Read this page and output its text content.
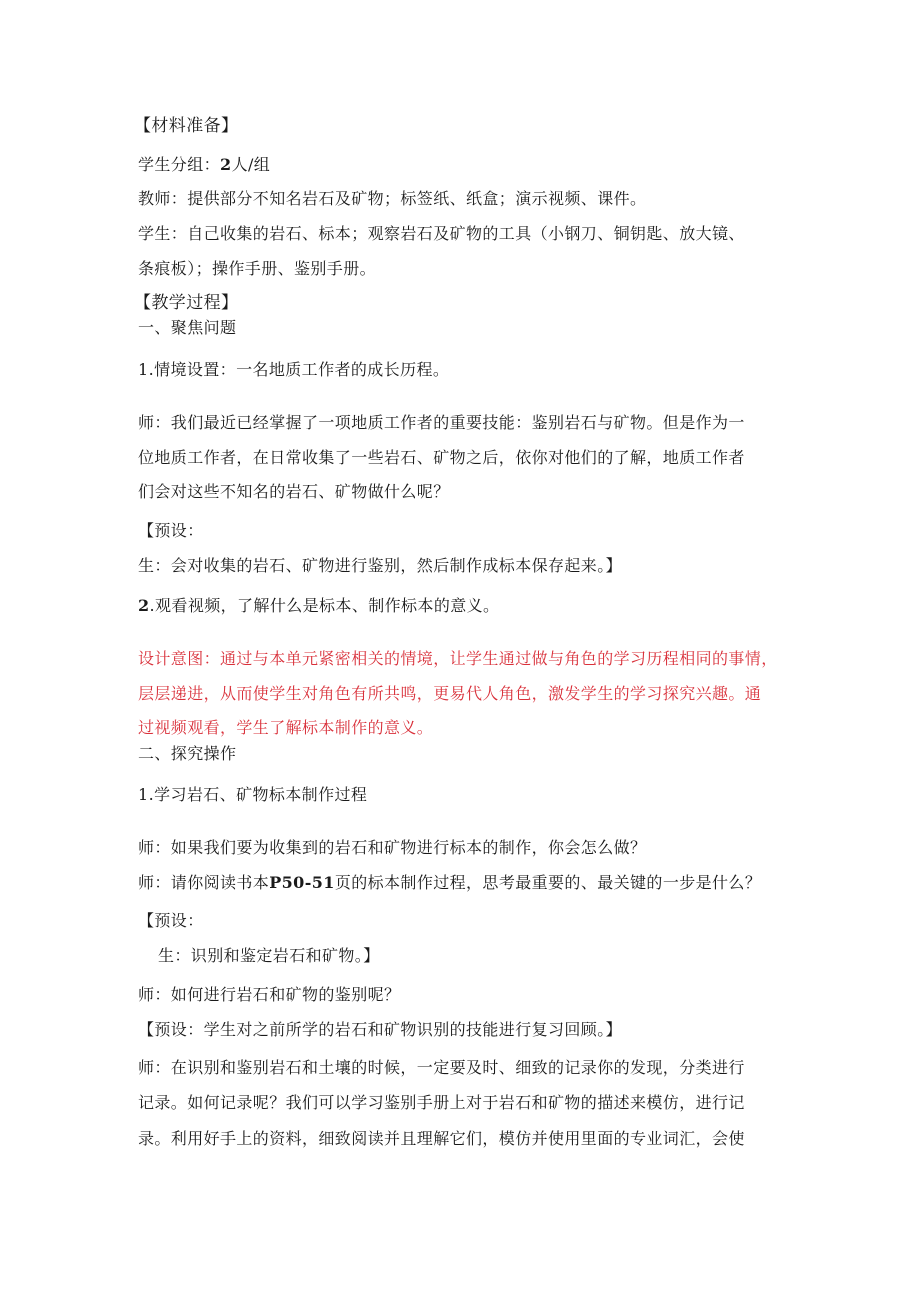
【材料准备】
学生分组：2人/组
教师：提供部分不知名岩石及矿物；标签纸、纸盒；演示视频、课件。
学生：自己收集的岩石、标本；观察岩石及矿物的工具（小钢刀、铜钥匙、放大镜、
条痕板）；操作手册、鉴别手册。
【教学过程】
一、聚焦问题
1.情境设置：一名地质工作者的成长历程。
师：我们最近已经掌握了一项地质工作者的重要技能：鉴别岩石与矿物。但是作为一
位地质工作者，在日常收集了一些岩石、矿物之后，依你对他们的了解，地质工作者
们会对这些不知名的岩石、矿物做什么呢？
【预设：
生：会对收集的岩石、矿物进行鉴别，然后制作成标本保存起来。】
2.观看视频，了解什么是标本、制作标本的意义。
设计意图：通过与本单元紧密相关的情境，让学生通过做与角色的学习历程相同的事情，
层层递进，从而使学生对角色有所共鸣，更易代人角色，激发学生的学习探究兴趣。通
过视频观看，学生了解标本制作的意义。
二、探究操作
1.学习岩石、矿物标本制作过程
师：如果我们要为收集到的岩石和矿物进行标本的制作，你会怎么做？
师：请你阅读书本P50-51页的标本制作过程，思考最重要的、最关键的一步是什么？
【预设：
生：识别和鉴定岩石和矿物。】
师：如何进行岩石和矿物的鉴别呢？
【预设：学生对之前所学的岩石和矿物识别的技能进行复习回顾。】
师：在识别和鉴别岩石和土壤的时候，一定要及时、细致的记录你的发现，分类进行
记录。如何记录呢？我们可以学习鉴别手册上对于岩石和矿物的描述来模仿，进行记
录。利用好手上的资料，细致阅读并且理解它们，模仿并使用里面的专业词汇，会使
